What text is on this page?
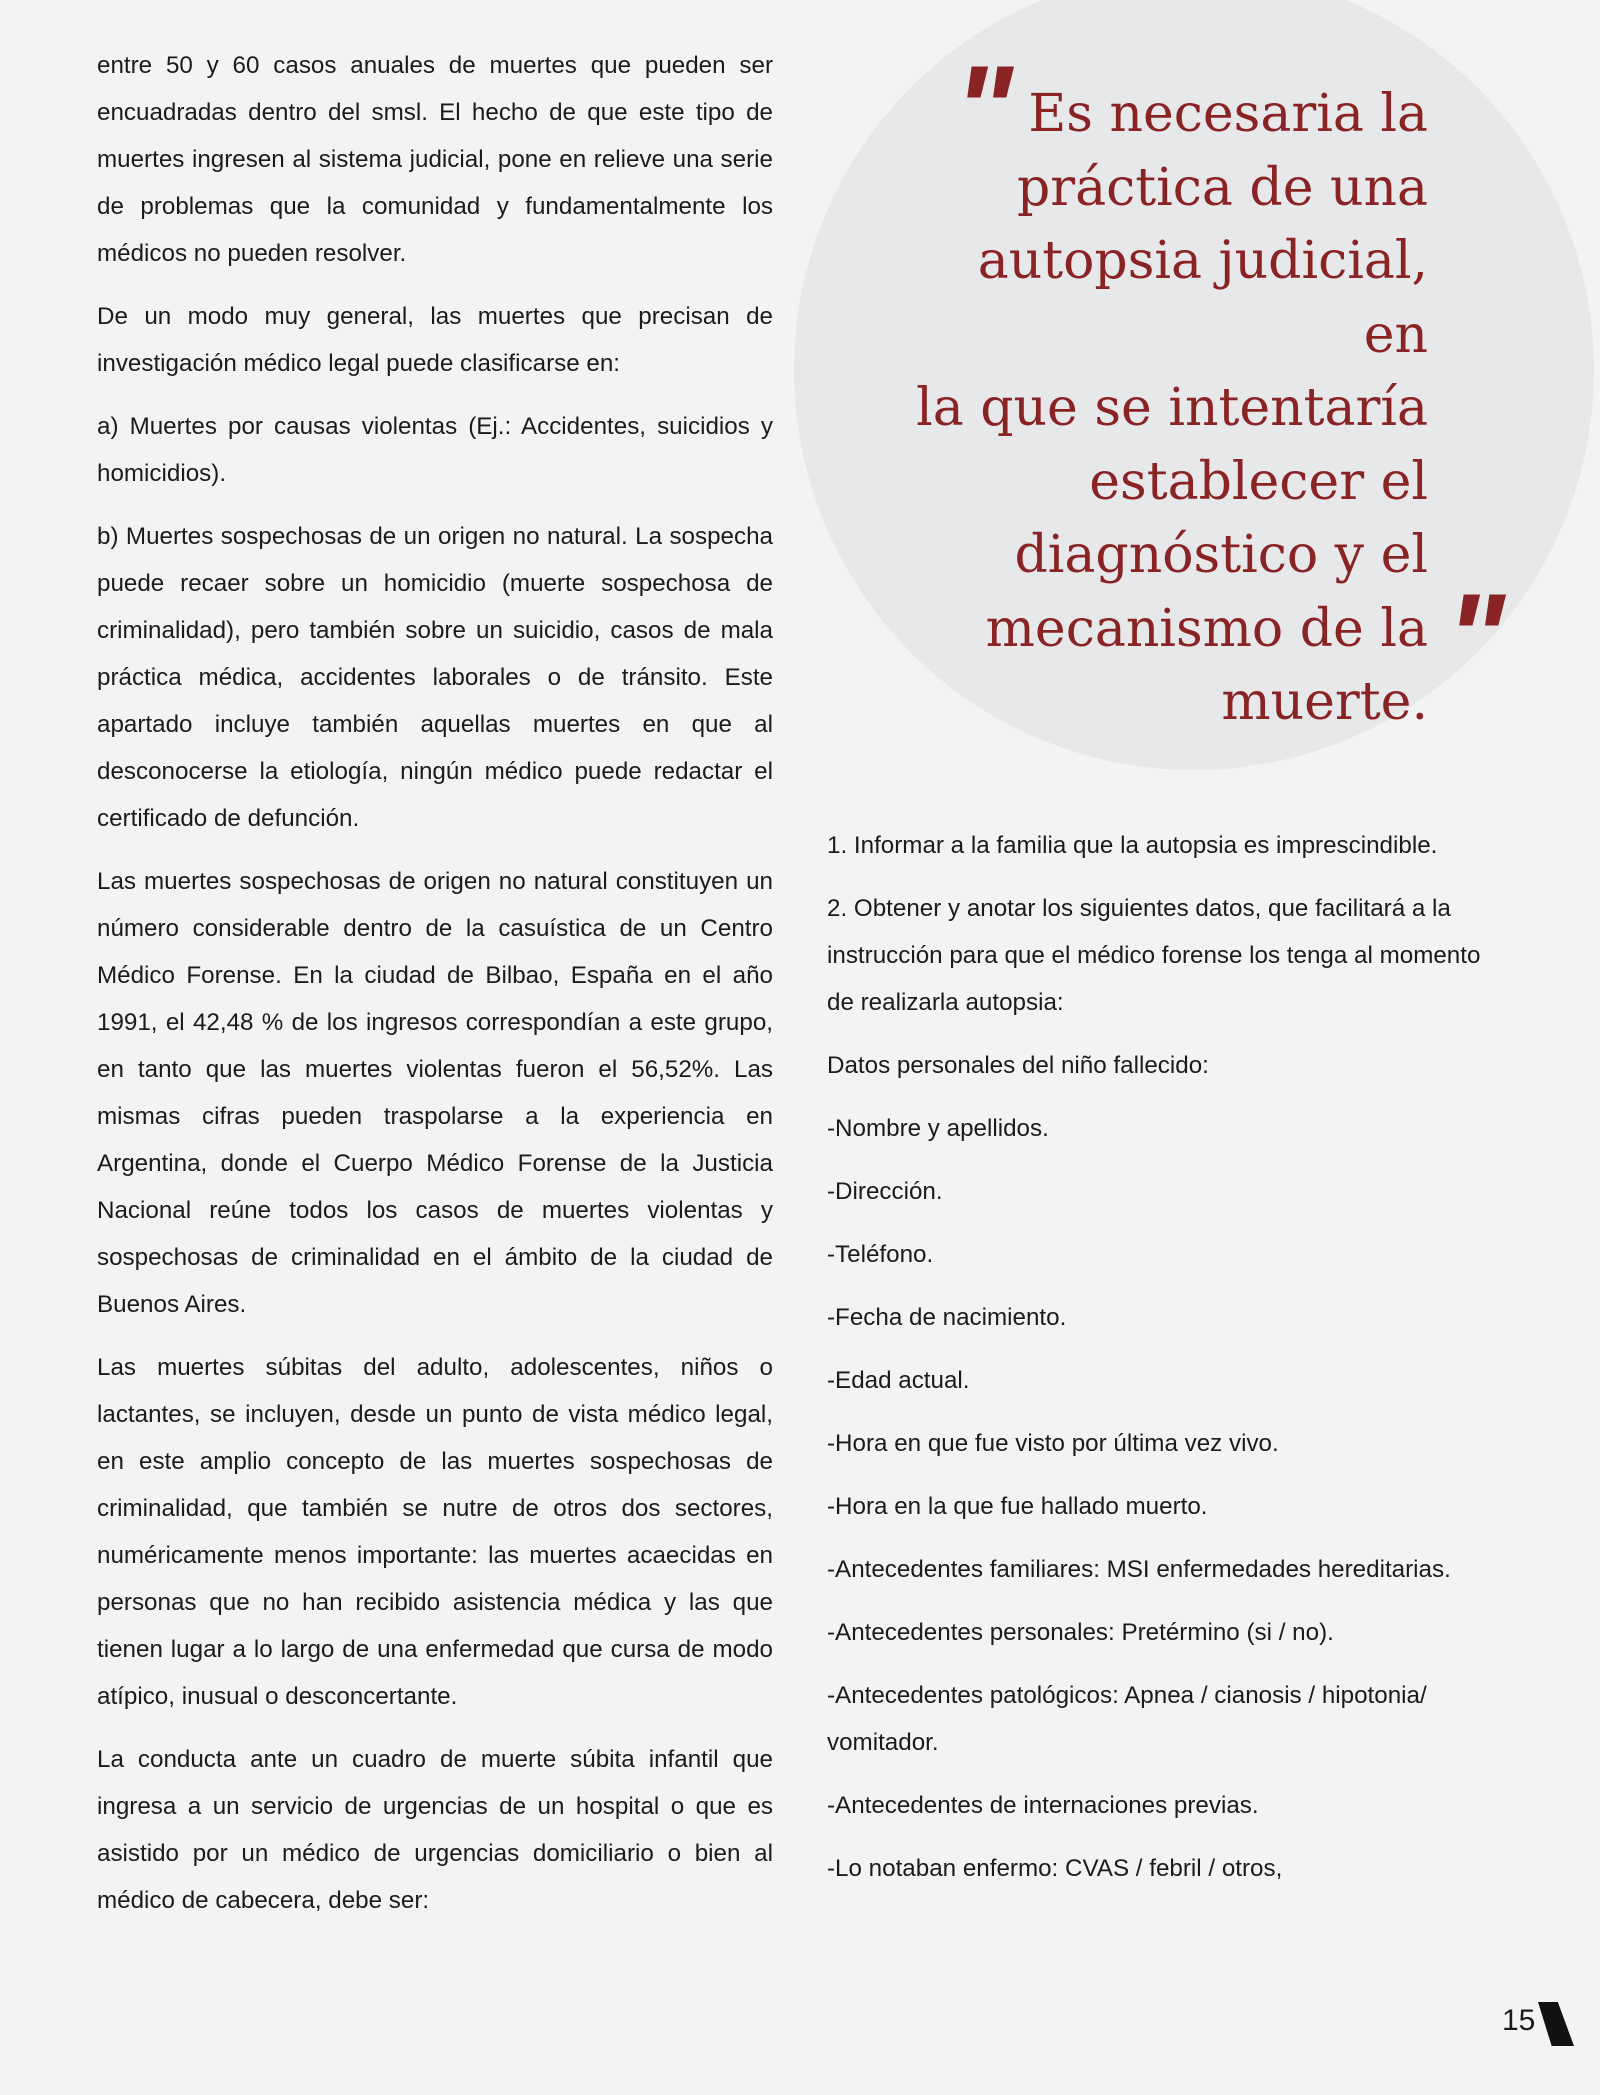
entre 50 y 60 casos anuales de muertes que pueden ser encuadradas dentro del smsl. El hecho de que este tipo de muertes ingresen al sistema judicial, pone en relieve una serie de problemas que la comunidad y fundamentalmente los médicos no pueden resolver.

De un modo muy general, las muertes que precisan de investigación médico legal puede clasificarse en:

a) Muertes por causas violentas (Ej.: Accidentes, suicidios y homicidios).

b) Muertes sospechosas de un origen no natural. La sospecha puede recaer sobre un homicidio (muerte sospechosa de criminalidad), pero también sobre un suicidio, casos de mala práctica médica, accidentes laborales o de tránsito. Este apartado incluye también aquellas muertes en que al desconocerse la etiología, ningún médico puede redactar el certificado de defunción.

Las muertes sospechosas de origen no natural constituyen un número considerable dentro de la casuística de un Centro Médico Forense. En la ciudad de Bilbao, España en el año 1991, el 42,48 % de los ingresos correspondían a este grupo, en tanto que las muertes violentas fueron el 56,52%. Las mismas cifras pueden traspolarse a la experiencia en Argentina, donde el Cuerpo Médico Forense de la Justicia Nacional reúne todos los casos de muertes violentas y sospechosas de criminalidad en el ámbito de la ciudad de Buenos Aires.

Las muertes súbitas del adulto, adolescentes, niños o lactantes, se incluyen, desde un punto de vista médico legal, en este amplio concepto de las muertes sospechosas de criminalidad, que también se nutre de otros dos sectores, numéricamente menos importante: las muertes acaecidas en personas que no han recibido asistencia médica y las que tienen lugar a lo largo de una enfermedad que cursa de modo atípico, inusual o desconcertante.

La conducta ante un cuadro de muerte súbita infantil que ingresa a un servicio de urgencias de un hospital o que es asistido por un médico de urgencias domiciliario o bien al médico de cabecera, debe ser:

" Es necesaria la
práctica de una
autopsia judicial, en
la que se intentaría
establecer el
diagnóstico y el
mecanismo de la
muerte. "

1. Informar a la familia que la autopsia es imprescindible.

2. Obtener y anotar los siguientes datos, que facilitará a la instrucción para que el médico forense los tenga al momento de realizarla autopsia:

Datos personales del niño fallecido:

-Nombre y apellidos.

-Dirección.

-Teléfono.

-Fecha de nacimiento.

-Edad actual.

-Hora en que fue visto por última vez vivo.

-Hora en la que fue hallado muerto.

-Antecedentes familiares: MSI enfermedades hereditarias.

-Antecedentes personales: Pretérmino (si / no).

-Antecedentes patológicos: Apnea / cianosis / hipotonia/ vomitador.

-Antecedentes de internaciones previas.

-Lo notaban enfermo: CVAS / febril / otros,

15
